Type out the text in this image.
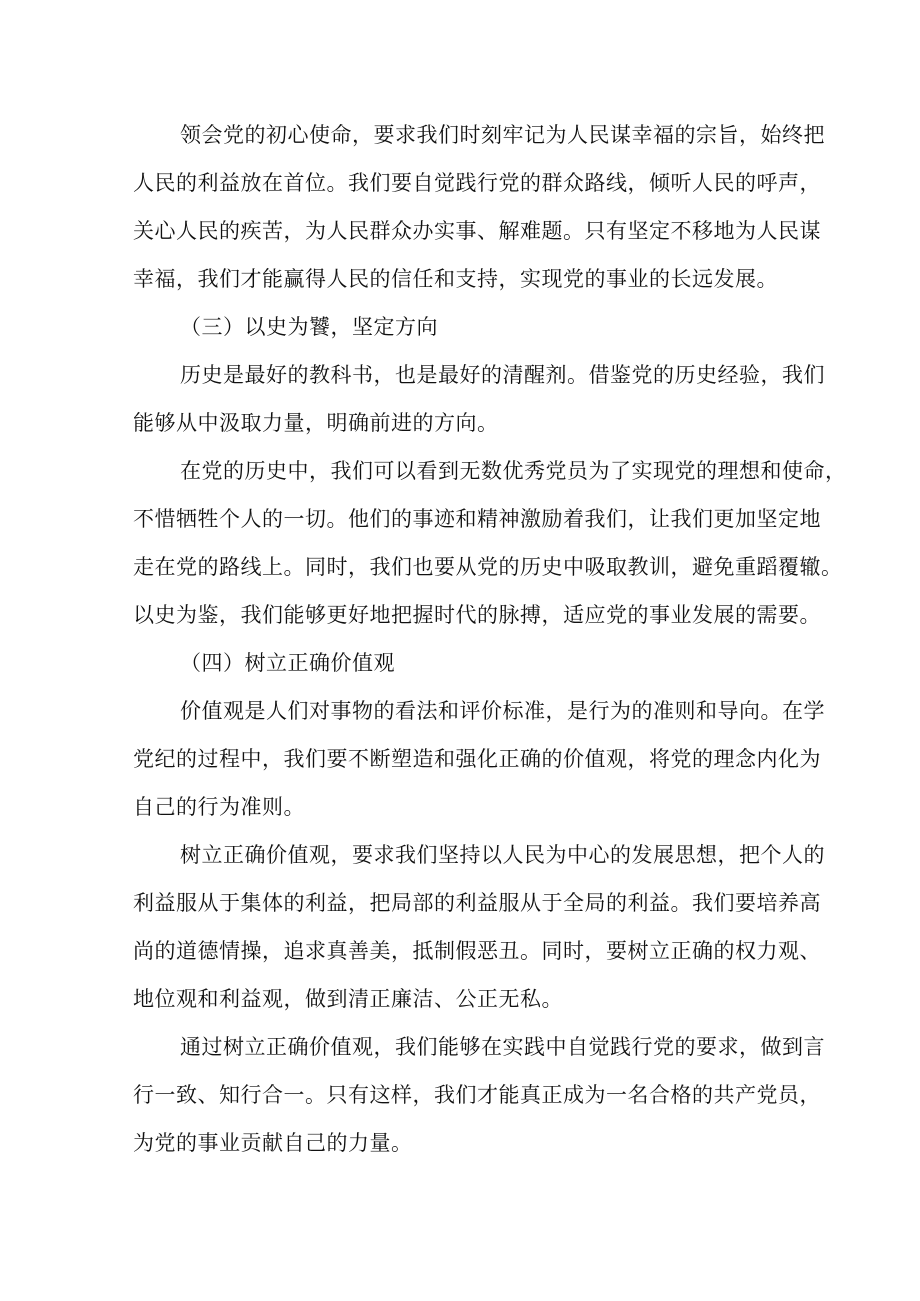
领会党的初心使命，要求我们时刻牢记为人民谋幸福的宗旨，始终把
人民的利益放在首位。我们要自觉践行党的群众路线，倾听人民的呼声，
关心人民的疾苦，为人民群众办实事、解难题。只有坚定不移地为人民谋
幸福，我们才能赢得人民的信任和支持，实现党的事业的长远发展。
（三）以史为饕，坚定方向
历史是最好的教科书，也是最好的清醒剂。借鉴党的历史经验，我们
能够从中汲取力量，明确前进的方向。
在党的历史中，我们可以看到无数优秀党员为了实现党的理想和使命，
不惜牺牲个人的一切。他们的事迹和精神激励着我们，让我们更加坚定地
走在党的路线上。同时，我们也要从党的历史中吸取教训，避免重蹈覆辙。
以史为鉴，我们能够更好地把握时代的脉搏，适应党的事业发展的需要。
（四）树立正确价值观
价值观是人们对事物的看法和评价标准，是行为的准则和导向。在学
党纪的过程中，我们要不断塑造和强化正确的价值观，将党的理念内化为
自己的行为准则。
树立正确价值观，要求我们坚持以人民为中心的发展思想，把个人的
利益服从于集体的利益，把局部的利益服从于全局的利益。我们要培养高
尚的道德情操，追求真善美，抵制假恶丑。同时，要树立正确的权力观、
地位观和利益观，做到清正廉洁、公正无私。
通过树立正确价值观，我们能够在实践中自觉践行党的要求，做到言
行一致、知行合一。只有这样，我们才能真正成为一名合格的共产党员，
为党的事业贡献自己的力量。
